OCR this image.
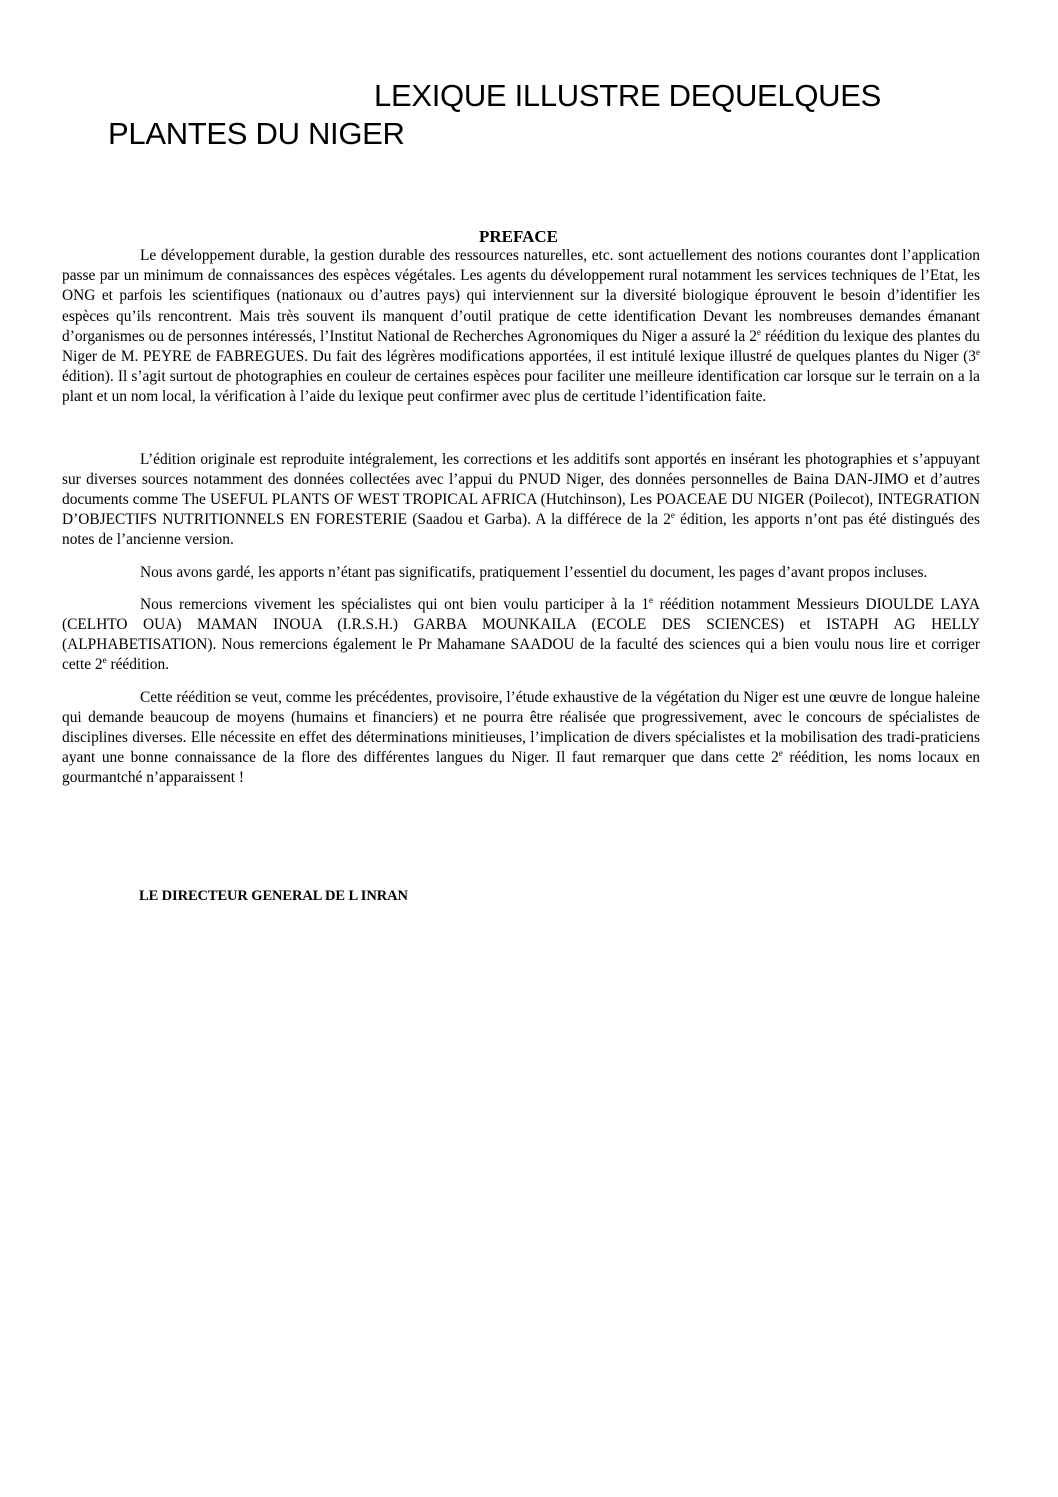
LEXIQUE ILLUSTRE DEQUELQUES
PLANTES DU NIGER
PREFACE

Le développement durable, la gestion durable des ressources naturelles, etc. sont actuellement des notions courantes dont l’application passe par un minimum de connaissances des espèces végétales. Les agents du développement rural notamment les services techniques de l’Etat, les ONG et parfois les scientifiques (nationaux ou d’autres pays) qui interviennent sur la diversité biologique éprouvent le besoin d’identifier les espèces qu’ils rencontrent. Mais très souvent ils manquent d’outil pratique de cette identification Devant les nombreuses demandes émanant d’organismes ou de personnes intéressés, l’Institut National de Recherches Agronomiques du Niger a assuré la 2e réédition du lexique des plantes du Niger de M. PEYRE de FABREGUES. Du fait des légrères modifications apportées, il est intitulé lexique illustré de quelques plantes du Niger (3e édition). Il s’agit surtout de photographies en couleur de certaines espèces pour faciliter une meilleure identification car lorsque sur le terrain on a la plant et un nom local, la vérification à l’aide du lexique peut confirmer avec plus de certitude l’identification faite.

L’édition originale est reproduite intégralement, les corrections et les additifs sont apportés en insérant les photographies et s’appuyant sur diverses sources notamment des données collectées avec l’appui du PNUD Niger, des données personnelles de Baina DAN-JIMO et d’autres documents comme The USEFUL PLANTS OF WEST TROPICAL AFRICA (Hutchinson), Les POACEAE DU NIGER (Poilecot), INTEGRATION D’OBJECTIFS NUTRITIONNELS EN FORESTERIE (Saadou et Garba). A la différece de la 2e édition, les apports n’ont pas été distingués des notes de l’ancienne version.

Nous avons gardé, les apports n’étant pas significatifs, pratiquement l’essentiel du document, les pages d’avant propos incluses.

Nous remercions vivement les spécialistes qui ont bien voulu participer à la 1e réédition notamment Messieurs DIOULDE LAYA (CELHTO OUA) MAMAN INOUA (I.R.S.H.) GARBA MOUNKAILA (ECOLE DES SCIENCES) et ISTAPH AG HELLY (ALPHABETISATION). Nous remercions également le Pr Mahamane SAADOU de la faculté des sciences qui a bien voulu nous lire et corriger cette 2e réédition.

Cette réédition se veut, comme les précédentes, provisoire, l’étude exhaustive de la végétation du Niger est une œuvre de longue haleine qui demande beaucoup de moyens (humains et financiers) et ne pourra être réalisée que progressivement, avec le concours de spécialistes de disciplines diverses. Elle nécessite en effet des déterminations minitieuses, l’implication de divers spécialistes et la mobilisation des tradi-praticiens ayant une bonne connaissance de la flore des différentes langues du Niger. Il faut remarquer que dans cette 2e réédition, les noms locaux en gourmantché n’apparaissent !

LE DIRECTEUR GENERAL DE L INRAN
